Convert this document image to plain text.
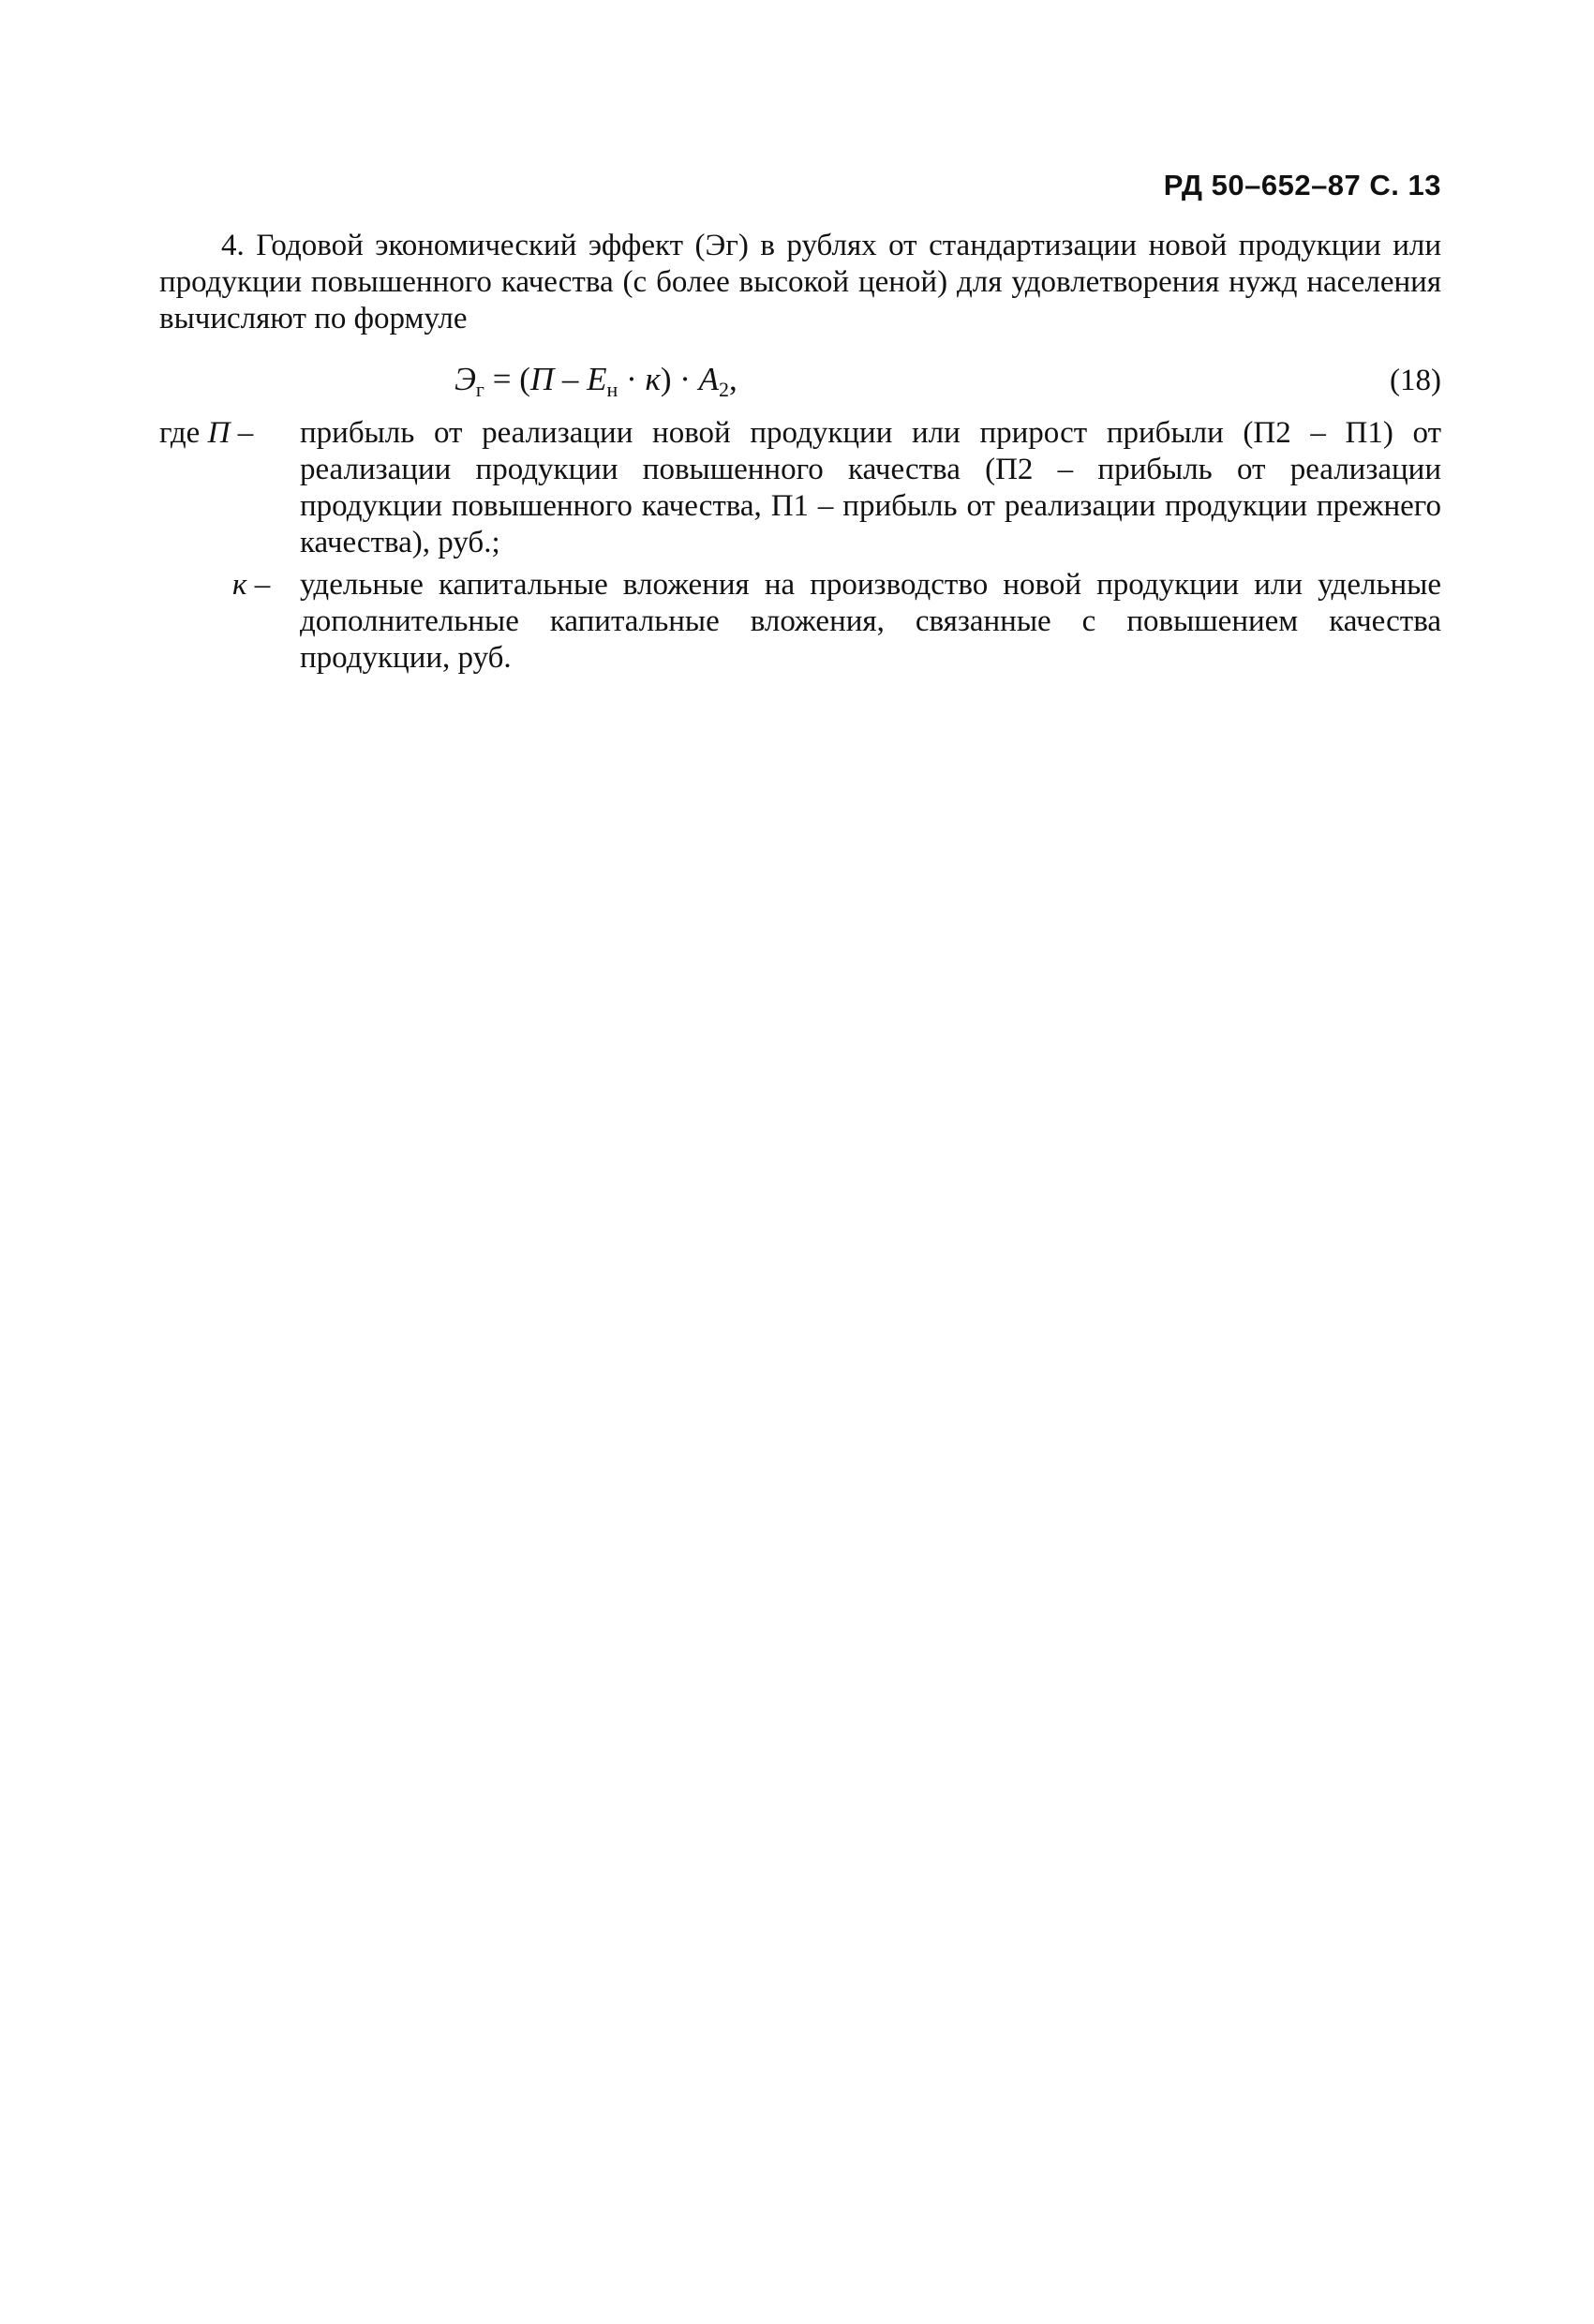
РД 50–652–87 С. 13

4. Годовой экономический эффект (Эг) в рублях от стандартизации новой продукции или продукции повышенного качества (с более высокой ценой) для удовлетворения нужд населения вычисляют по формуле

$Э_г = (П - E_н \cdot к) \cdot A_2$,	(18)
где П –	прибыль от реализации новой продукции или прирост прибыли (П2 – П1) от реализации продукции повышенного качества (П2 – прибыль от реализации продукции повышенного качества, П1 – прибыль от реализации продукции прежнего качества), руб.;
к – удельные капитальные вложения на производство новой продукции или удельные дополнительные капитальные вложения, связанные с повышением качества продукции, руб.
